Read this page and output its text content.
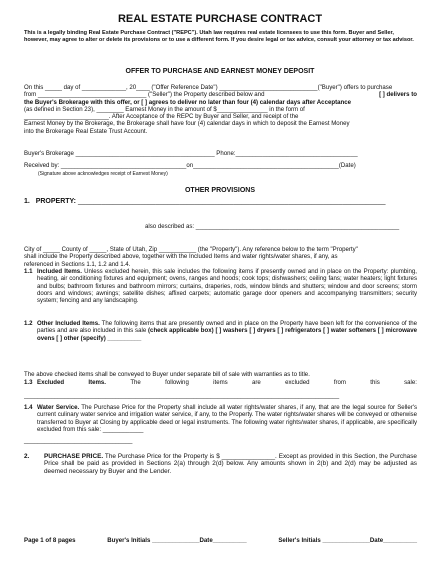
REAL ESTATE PURCHASE CONTRACT
This is a legally binding Real Estate Purchase Contract ("REPC"). Utah law requires real estate licensees to use this form. Buyer and Seller, however, may agree to alter or delete its provisions or to use a different form. If you desire legal or tax advice, consult your attorney or tax advisor.
OFFER TO PURCHASE AND EARNEST MONEY DEPOSIT
On this _____ day of _____________, 20____ ("Offer Reference Date") _____________________________("Buyer") offers to purchase
from ________________________________ ("Seller") the Property described below and	[ ] delivers to
the Buyer's Brokerage with this offer, or [ ] agrees to deliver no later than four (4) calendar days after Acceptance
(as defined in Section 23), ________ Earnest Money in the amount of $_______________ in the form of
_________________________. After Acceptance of the REPC by Buyer and Seller, and receipt of the
Earnest Money by the Brokerage, the Brokerage shall have four (4) calendar days in which to deposit the Earnest Money
into the Brokerage Real Estate Trust Account.
Buyer's Brokerage _________________________________________ Phone:____________________________________
Received by: _____________________________________on___________________________________________(Date)
(Signature above acknowledges receipt of Earnest Money)
OTHER PROVISIONS
1. PROPERTY: _______________________________________________________________________________
also described as: ____________________________________________________________
City of _____ County of _____, State of Utah, Zip ___________ (the "Property"). Any reference below to the term "Property"
shall include the Property described above, together with the Included Items and water rights/water shares, if any, as
referenced in Sections 1.1, 1.2 and 1.4.
1.1 Included Items. Unless excluded herein, this sale includes the following items if presently owned and in place on the Property: plumbing, heating, air conditioning fixtures and equipment; ovens, ranges and hoods; cook tops; dishwashers; ceiling fans; water heaters; light fixtures and bulbs; bathroom fixtures and bathroom mirrors; curtains, draperies, rods, window blinds and shutters; window and door screens; storm doors and windows; awnings; satellite dishes; affixed carpets; automatic garage door openers and accompanying transmitters; security system; fencing and any landscaping.
1.2 Other Included Items. The following items that are presently owned and in place on the Property have been left for the convenience of the parties and are also included in this sale (check applicable box) [ ] washers [ ] dryers [ ] refrigerators [ ] water softeners [ ] microwave ovens [ ] other (specify) __________
The above checked items shall be conveyed to Buyer under separate bill of sale with warranties as to title.
1.3 Excluded	Items.	The	following	items	are	excluded	from	this	sale:
_____________________________________________________________________________________________
1.4 Water Service. The Purchase Price for the Property shall include all water rights/water shares, if any, that are the legal source for Seller's current culinary water service and irrigation water service, if any, to the Property. The water rights/water shares will be conveyed or otherwise transferred to Buyer at Closing by applicable deed or legal instruments. The following water rights/water shares, if applicable, are specifically excluded from this sale: ____________
________________________________
2.	PURCHASE PRICE. The Purchase Price for the Property is $ _______________. Except as provided in this Section, the Purchase Price shall be paid as provided in Sections 2(a) through 2(d) below. Any amounts shown in 2(b) and 2(d) may be adjusted as deemed necessary by Buyer and the Lender.
Page 1 of 8 pages	Buyer's Initials ______________Date__________	Seller's Initials ______________Date__________
